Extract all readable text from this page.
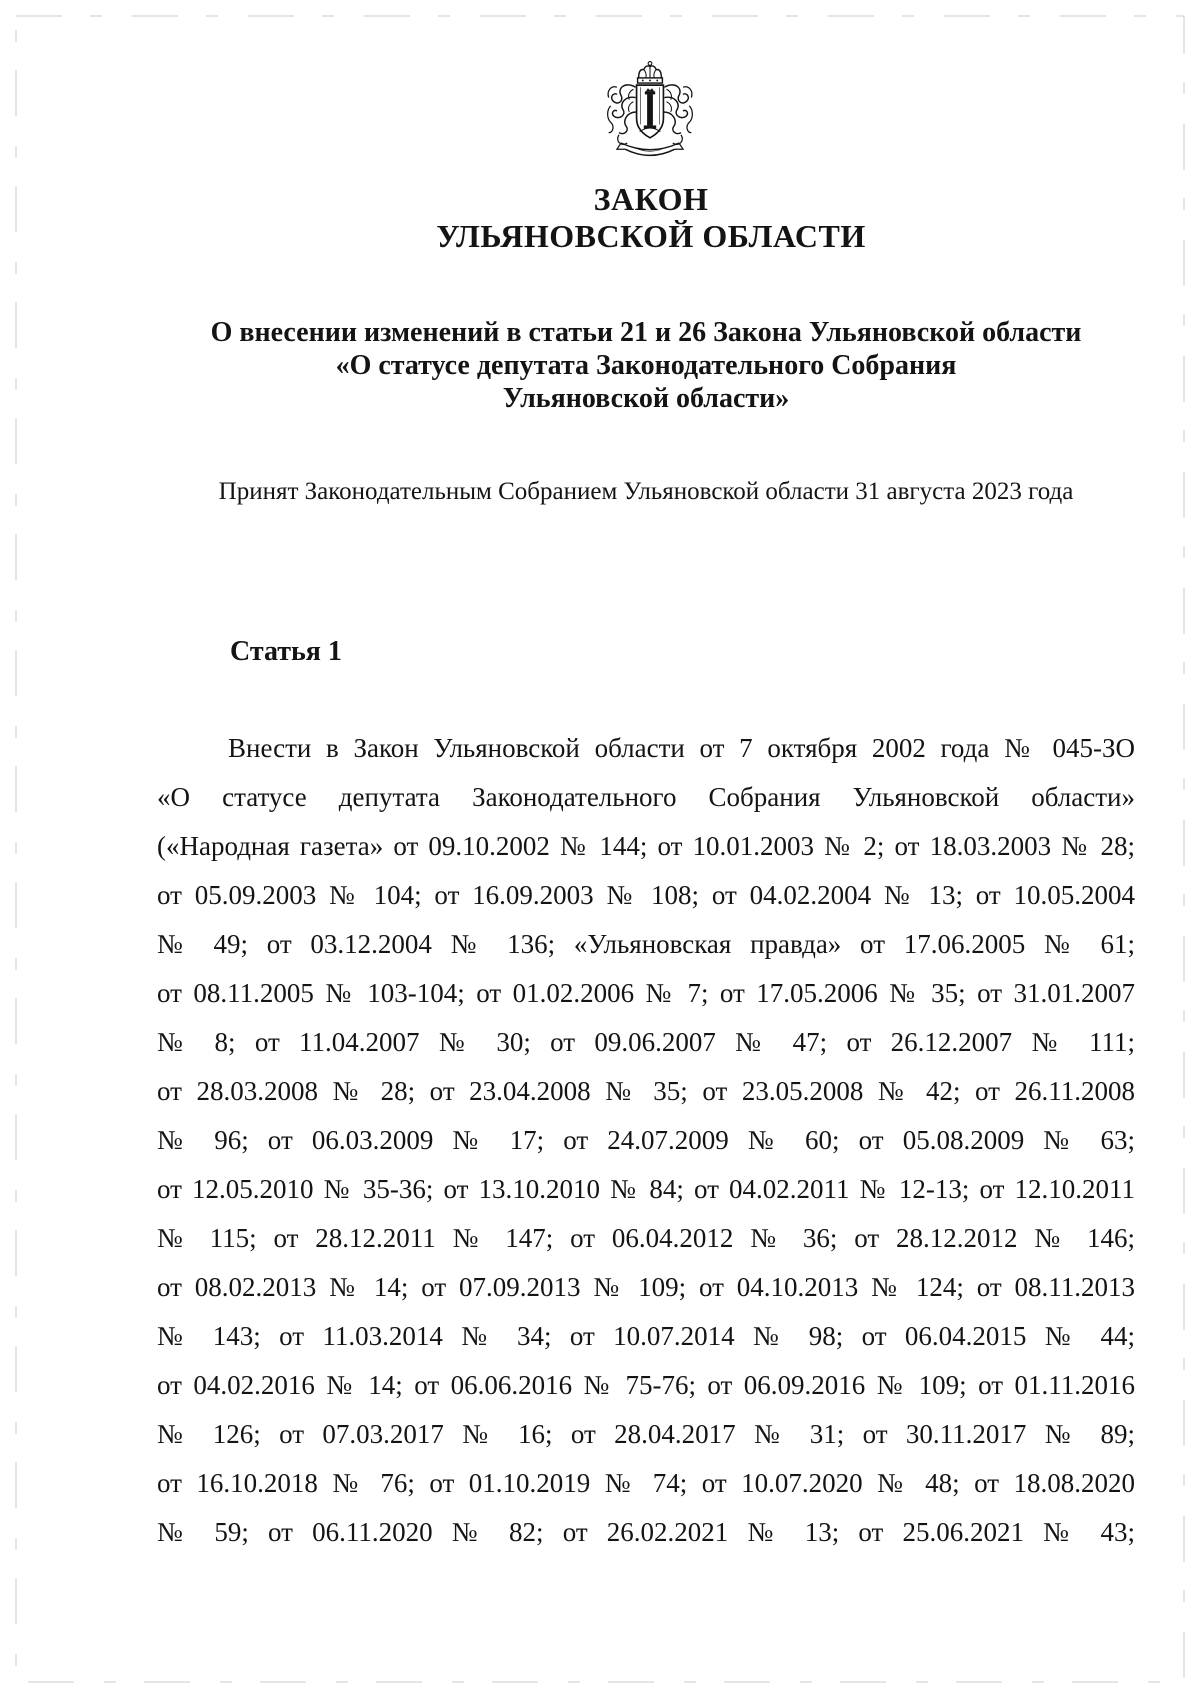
ЗАКОН
УЛЬЯНОВСКОЙ ОБЛАСТИ
О внесении изменений в статьи 21 и 26 Закона Ульяновской области
«О статусе депутата Законодательного Собрания
Ульяновской области»
Принят Законодательным Собранием Ульяновской области 31 августа 2023 года
Статья 1
Внести в Закон Ульяновской области от 7 октября 2002 года № 045-ЗО
«О статусе депутата Законодательного Собрания Ульяновской области»
(«Народная газета» от 09.10.2002 № 144; от 10.01.2003 № 2; от 18.03.2003 № 28;
от 05.09.2003 № 104; от 16.09.2003 № 108; от 04.02.2004 № 13; от 10.05.2004
№ 49; от 03.12.2004 № 136; «Ульяновская правда» от 17.06.2005 № 61;
от 08.11.2005 № 103-104; от 01.02.2006 № 7; от 17.05.2006 № 35; от 31.01.2007
№ 8; от 11.04.2007 № 30; от 09.06.2007 № 47; от 26.12.2007 № 111;
от 28.03.2008 № 28; от 23.04.2008 № 35; от 23.05.2008 № 42; от 26.11.2008
№ 96; от 06.03.2009 № 17; от 24.07.2009 № 60; от 05.08.2009 № 63;
от 12.05.2010 № 35-36; от 13.10.2010 № 84; от 04.02.2011 № 12-13; от 12.10.2011
№ 115; от 28.12.2011 № 147; от 06.04.2012 № 36; от 28.12.2012 № 146;
от 08.02.2013 № 14; от 07.09.2013 № 109; от 04.10.2013 № 124; от 08.11.2013
№ 143; от 11.03.2014 № 34; от 10.07.2014 № 98; от 06.04.2015 № 44;
от 04.02.2016 № 14; от 06.06.2016 № 75-76; от 06.09.2016 № 109; от 01.11.2016
№ 126; от 07.03.2017 № 16; от 28.04.2017 № 31; от 30.11.2017 № 89;
от 16.10.2018 № 76; от 01.10.2019 № 74; от 10.07.2020 № 48; от 18.08.2020
№ 59; от 06.11.2020 № 82; от 26.02.2021 № 13; от 25.06.2021 № 43;
